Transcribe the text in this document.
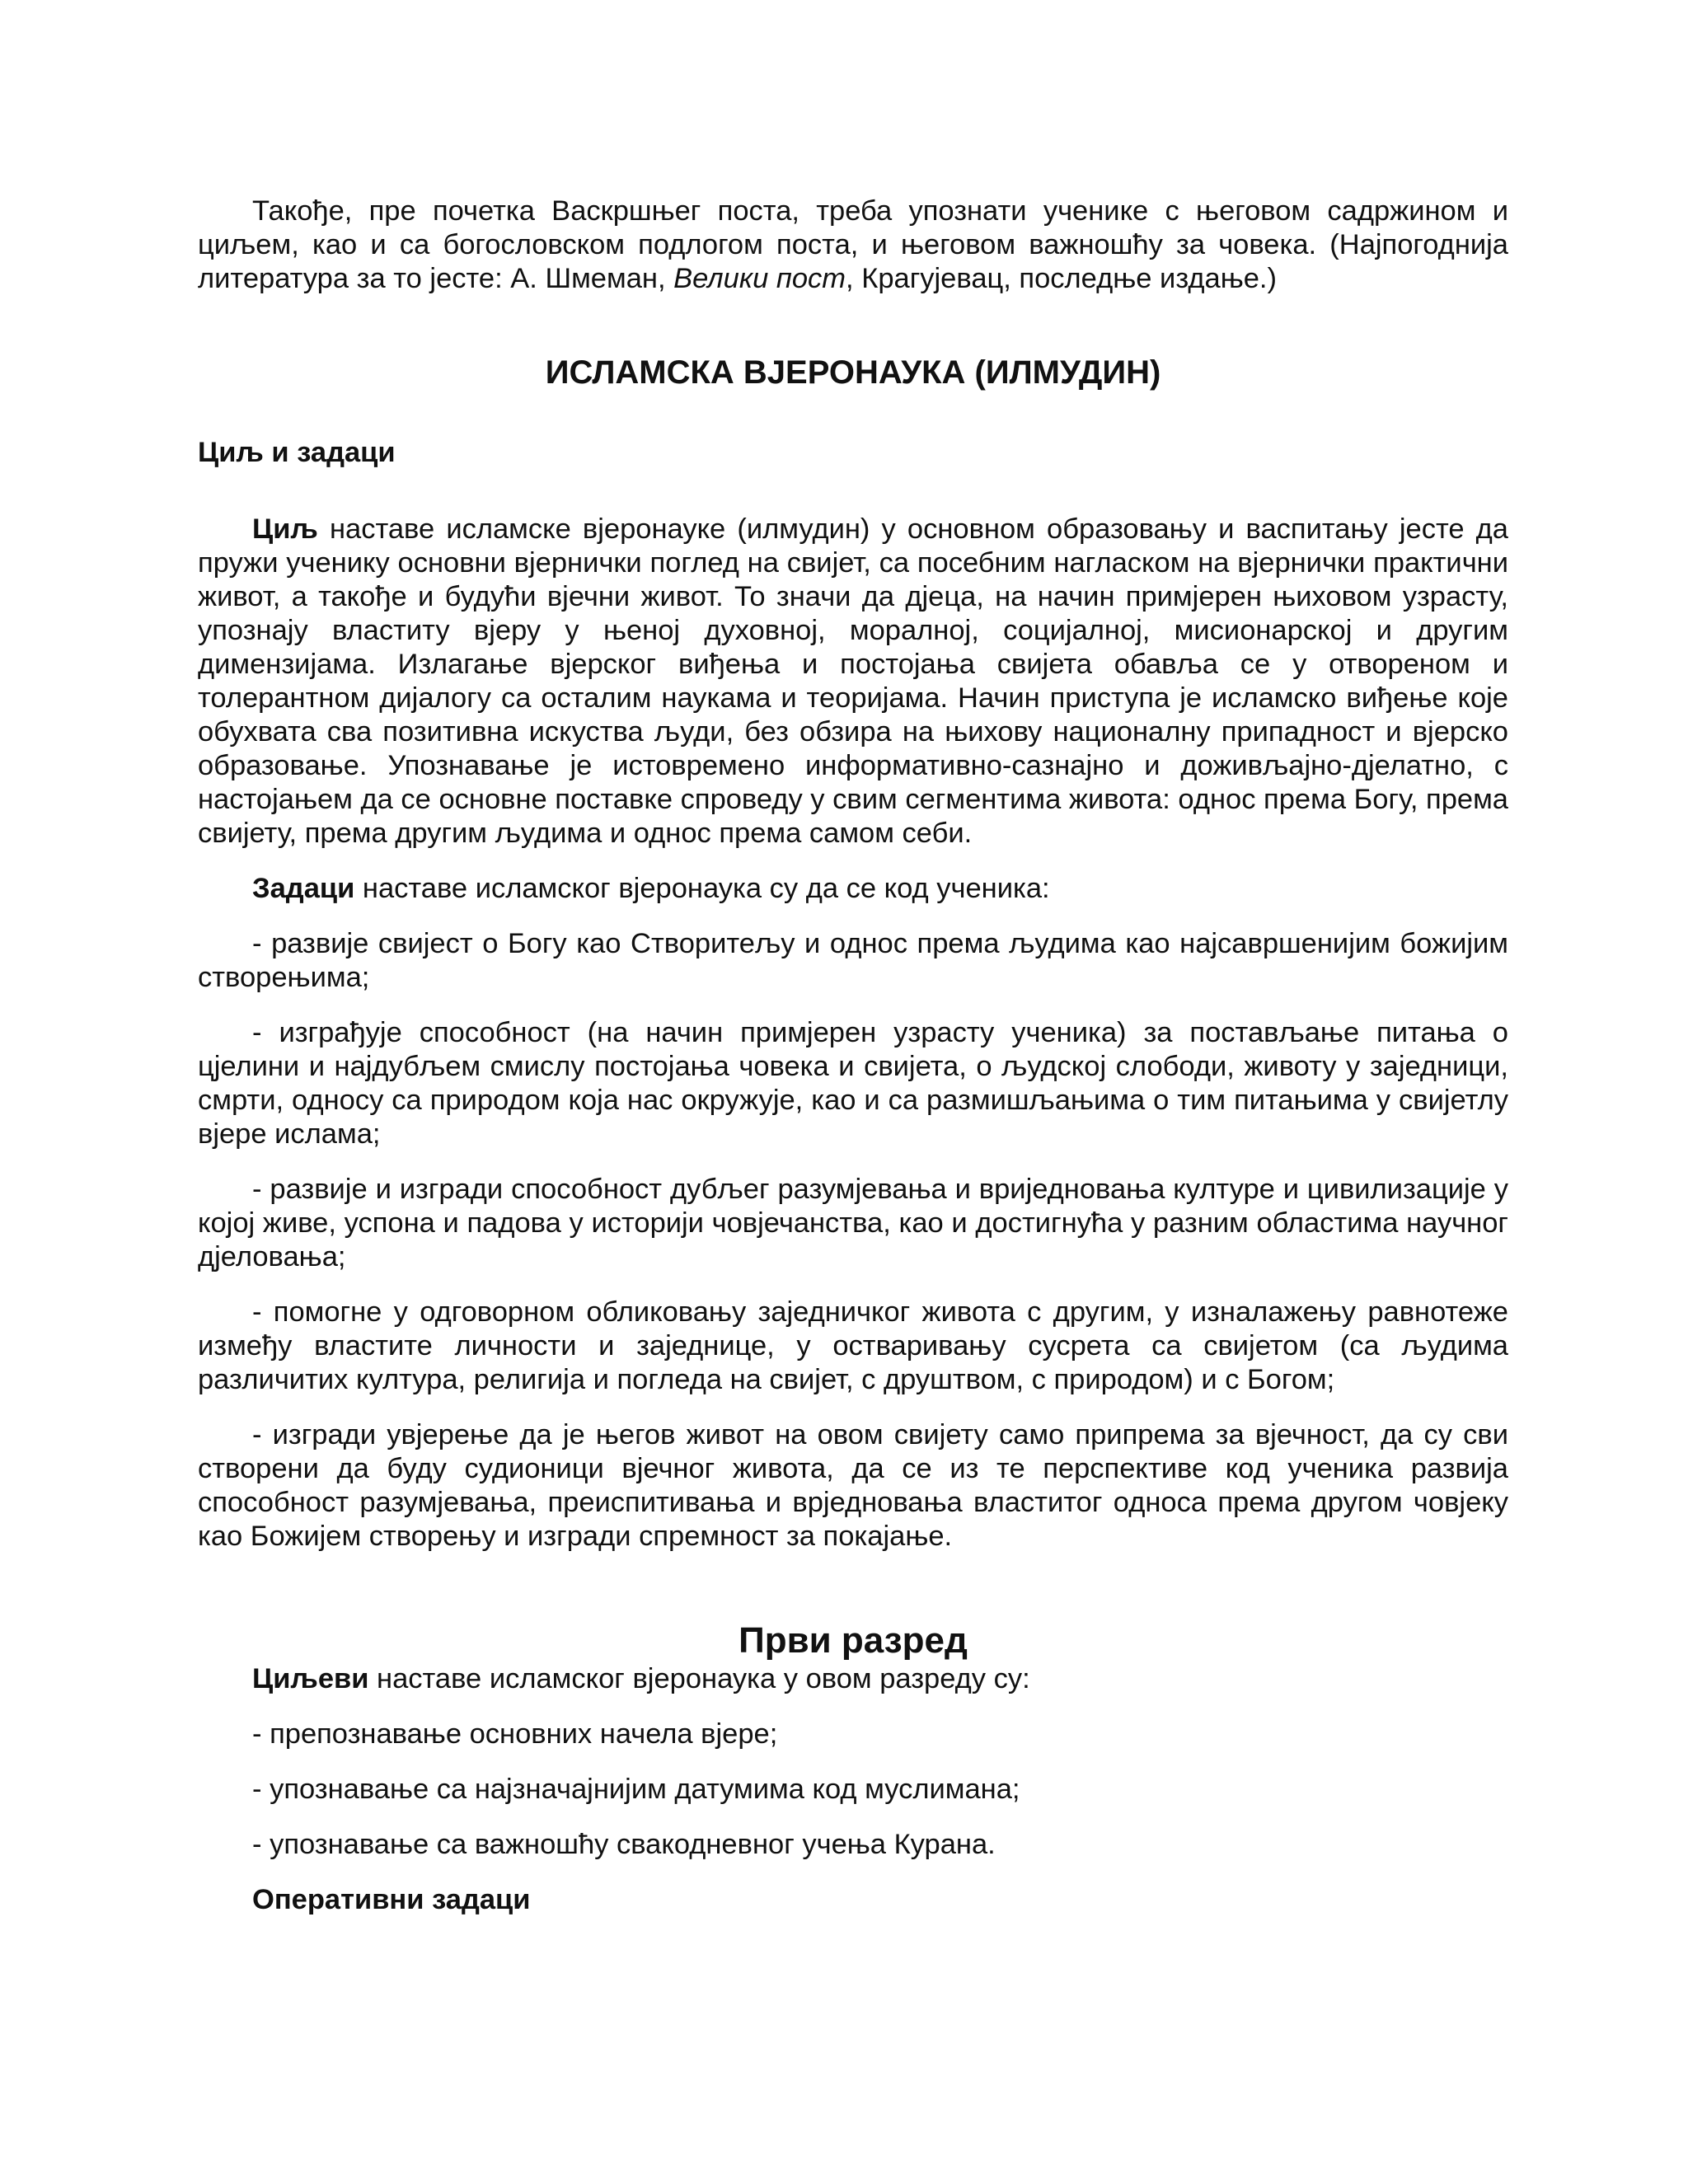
Такође, пре почетка Васкршњег поста, треба упознати ученике с његовом садржином и циљем, као и са богословском подлогом поста, и његовом важношћу за човека. (Најпогоднија литература за то јесте: А. Шмеман, Велики пост, Крагујевац, последње издање.)

ИСЛАМСКА ВЈЕРОНАУКА (ИЛМУДИН)
Циљ и задаци

Циљ наставе исламске вјеронауке (илмудин) у основном образовању и васпитању јесте да пружи ученику основни вјернички поглед на свијет, са посебним нагласком на вјернички практични живот, а такође и будући вјечни живот. То значи да дјеца, на начин примјерен њиховом узрасту, упознају властиту вјеру у њеној духовној, моралној, социјалној, мисионарској и другим димензијама. Излагање вјерског виђења и постојања свијета обавља се у отвореном и толерантном дијалогу са осталим наукама и теоријама. Начин приступа је исламско виђење које обухвата сва позитивна искуства људи, без обзира на њихову националну припадност и вјерско образовање. Упознавање је истовремено информативно-сазнајно и доживљајно-дјелатно, с настојањем да се основне поставке спроведу у свим сегментима живота: однос према Богу, према свијету, према другим људима и однос према самом себи.

Задаци наставе исламског вјеронаука су да се код ученика:

- развије свијест о Богу као Створитељу и однос према људима као најсавршенијим божијим створењима;

- изграђује способност (на начин примјерен узрасту ученика) за постављање питања о цјелини и најдубљем смислу постојања човека и свијета, о људској слободи, животу у заједници, смрти, односу са природом која нас окружује, као и са размишљањима о тим питањима у свијетлу вјере ислама;

- развије и изгради способност дубљег разумјевања и вриједновања културе и цивилизације у којој живе, успона и падова у историји човјечанства, као и достигнућа у разним областима научног дјеловања;

- помогне у одговорном обликовању заједничког живота с другим, у изналажењу равнотеже између властите личности и заједнице, у остваривању сусрета са свијетом (са људима различитих култура, религија и погледа на свијет, с друштвом, с природом) и с Богом;

- изгради увјерење да је његов живот на овом свијету само припрема за вјечност, да су сви створени да буду судионици вјечног живота, да се из те перспективе код ученика развија способност разумјевања, преиспитивања и врједновања властитог односа према другом човјеку као Божијем створењу и изгради спремност за покајање.

Први разред

Циљеви наставе исламског вјеронаука у овом разреду су:

- препознавање основних начела вјере;

- упознавање са најзначајнијим датумима код муслимана;

- упознавање са важношћу свакодневног учења Курана.

Оперативни задаци
